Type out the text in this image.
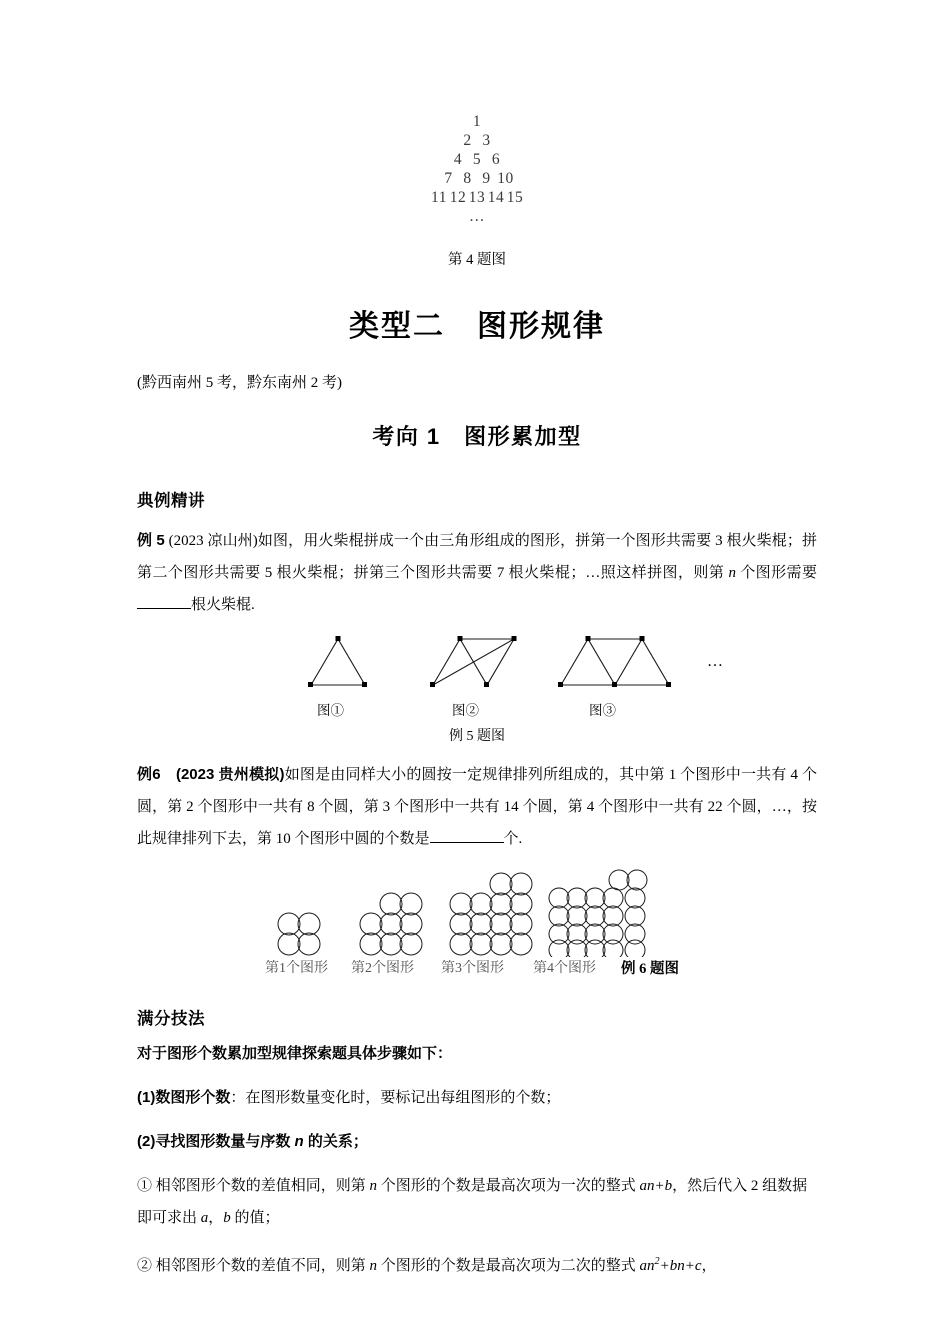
1
2 3
4 5 6
7 8 9 10
11 12 13 14 15
…
第 4 题图
类型二　图形规律
(黔西南州 5 考，黔东南州 2 考)
考向 1　图形累加型
典例精讲

例 5 (2023 凉山州)如图，用火柴棍拼成一个由三角形组成的图形，拼第一个图形共需要 3 根火柴棍；拼第二个图形共需要 5 根火柴棍；拼第三个图形共需要 7 根火柴棍；…照这样拼图，则第 n 个图形需要根火柴棍.

…
图①	图②	图③
例 5 题图

例6　 (2023 贵州模拟)如图是由同样大小的圆按一定规律排列所组成的，其中第 1 个图形中一共有 4 个圆，第 2 个图形中一共有 8 个圆，第 3 个图形中一共有 14 个圆，第 4 个图形中一共有 22 个圆，…，按此规律排列下去，第 10 个图形中圆的个数是	个.

第1个图形 第2个图形 第3个图形 第4个图形 例 6 题图
满分技法

对于图形个数累加型规律探索题具体步骤如下：

(1)数图形个数：在图形数量变化时，要标记出每组图形的个数；

(2)寻找图形数量与序数 n 的关系；

① 相邻图形个数的差值相同，则第 n 个图形的个数是最高次项为一次的整式 an+b，然后代入 2 组数据即可求出 a，b 的值；

② 相邻图形个数的差值不同，则第 n 个图形的个数是最高次项为二次的整式 $an^2+bn+c$，
